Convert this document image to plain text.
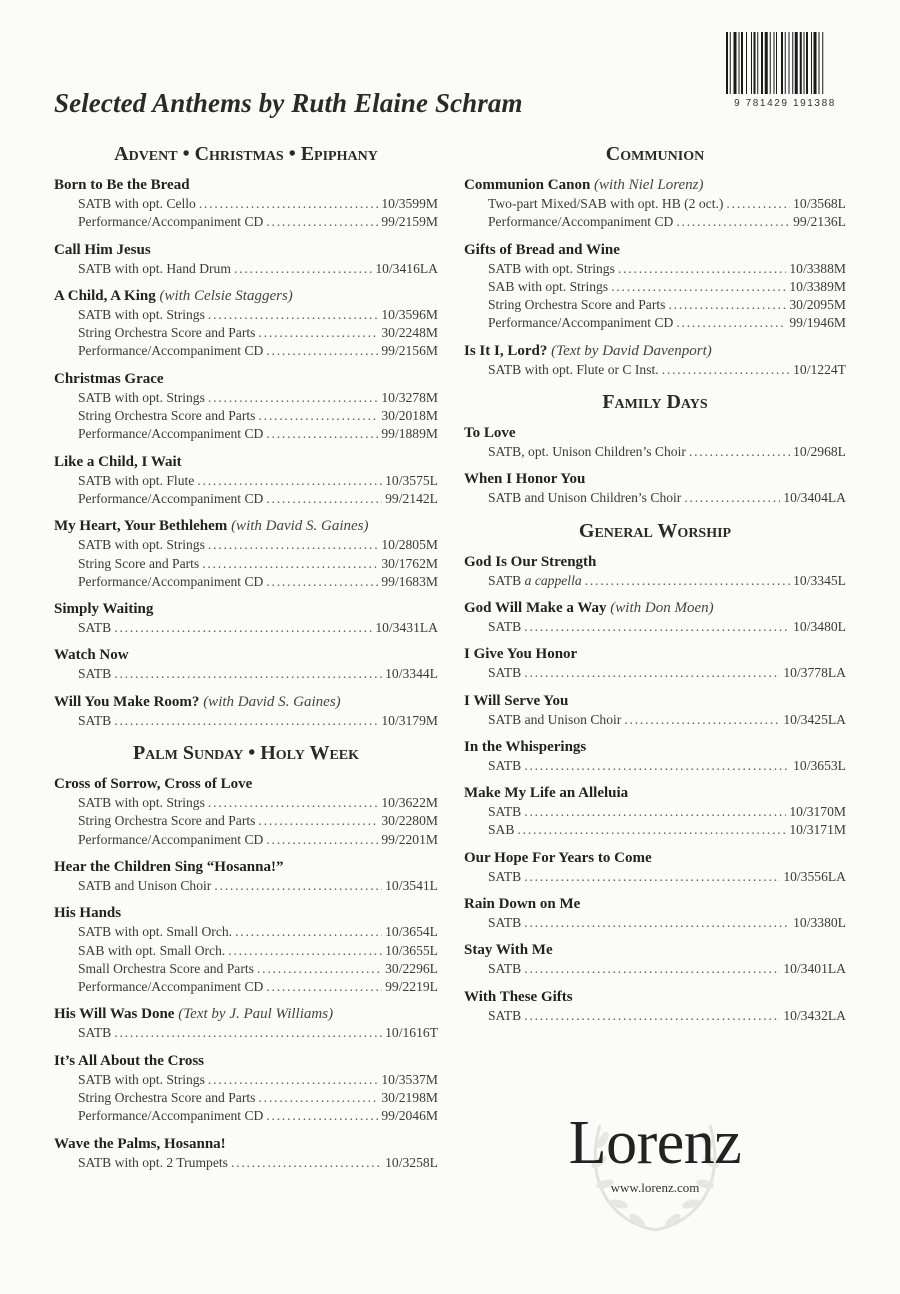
9 781429 191388
Selected Anthems by Ruth Elaine Schram
Advent • Christmas • Epiphany
Born to Be the Bread
SATB with opt. Cello . . .	10/3599M
Performance/Accompaniment CD . . .	99/2159M
Call Him Jesus
SATB with opt. Hand Drum . . .	10/3416LA
A Child, A King (with Celsie Staggers)
SATB with opt. Strings . . .	10/3596M
String Orchestra Score and Parts . . .	30/2248M
Performance/Accompaniment CD . . .	99/2156M
Christmas Grace
SATB with opt. Strings . . .	10/3278M
String Orchestra Score and Parts . . .	30/2018M
Performance/Accompaniment CD . . .	99/1889M
Like a Child, I Wait
SATB with opt. Flute . . .	10/3575L
Performance/Accompaniment CD . . .	99/2142L
My Heart, Your Bethlehem (with David S. Gaines)
SATB with opt. Strings . . .	10/2805M
String Score and Parts . . .	30/1762M
Performance/Accompaniment CD . . .	99/1683M
Simply Waiting
SATB . . .	10/3431LA
Watch Now
SATB . . .	10/3344L
Will You Make Room? (with David S. Gaines)
SATB . . .	10/3179M
Palm Sunday • Holy Week
Cross of Sorrow, Cross of Love
SATB with opt. Strings . . .	10/3622M
String Orchestra Score and Parts . . .	30/2280M
Performance/Accompaniment CD . . .	99/2201M
Hear the Children Sing “Hosanna!”
SATB and Unison Choir . . .	10/3541L
His Hands
SATB with opt. Small Orch. . . .	10/3654L
SAB with opt. Small Orch. . . .	10/3655L
Small Orchestra Score and Parts . . .	30/2296L
Performance/Accompaniment CD . . .	99/2219L
His Will Was Done (Text by J. Paul Williams)
SATB . . .	10/1616T
It’s All About the Cross
SATB with opt. Strings . . .	10/3537M
String Orchestra Score and Parts . . .	30/2198M
Performance/Accompaniment CD . . .	99/2046M
Wave the Palms, Hosanna!
SATB with opt. 2 Trumpets . . .	10/3258L
Communion
Communion Canon (with Niel Lorenz)
Two-part Mixed/SAB with opt. HB (2 oct.) . . .	10/3568L
Performance/Accompaniment CD . . .	99/2136L
Gifts of Bread and Wine
SATB with opt. Strings . . .	10/3388M
SAB with opt. Strings . . .	10/3389M
String Orchestra Score and Parts . . .	30/2095M
Performance/Accompaniment CD . . .	99/1946M
Is It I, Lord? (Text by David Davenport)
SATB with opt. Flute or C Inst. . . .	10/1224T
Family Days
To Love
SATB, opt. Unison Children’s Choir . . .	10/2968L
When I Honor You
SATB and Unison Children’s Choir . . .	10/3404LA
General Worship
God Is Our Strength
SATB a cappella . . .	10/3345L
God Will Make a Way (with Don Moen)
SATB . . .	10/3480L
I Give You Honor
SATB . . .	10/3778LA
I Will Serve You
SATB and Unison Choir . . .	10/3425LA
In the Whisperings
SATB . . .	10/3653L
Make My Life an Alleluia
SATB . . .	10/3170M
SAB . . .	10/3171M
Our Hope For Years to Come
SATB . . .	10/3556LA
Rain Down on Me
SATB . . .	10/3380L
Stay With Me
SATB . . .	10/3401LA
With These Gifts
SATB . . .	10/3432LA
Lorenz
www.lorenz.com
